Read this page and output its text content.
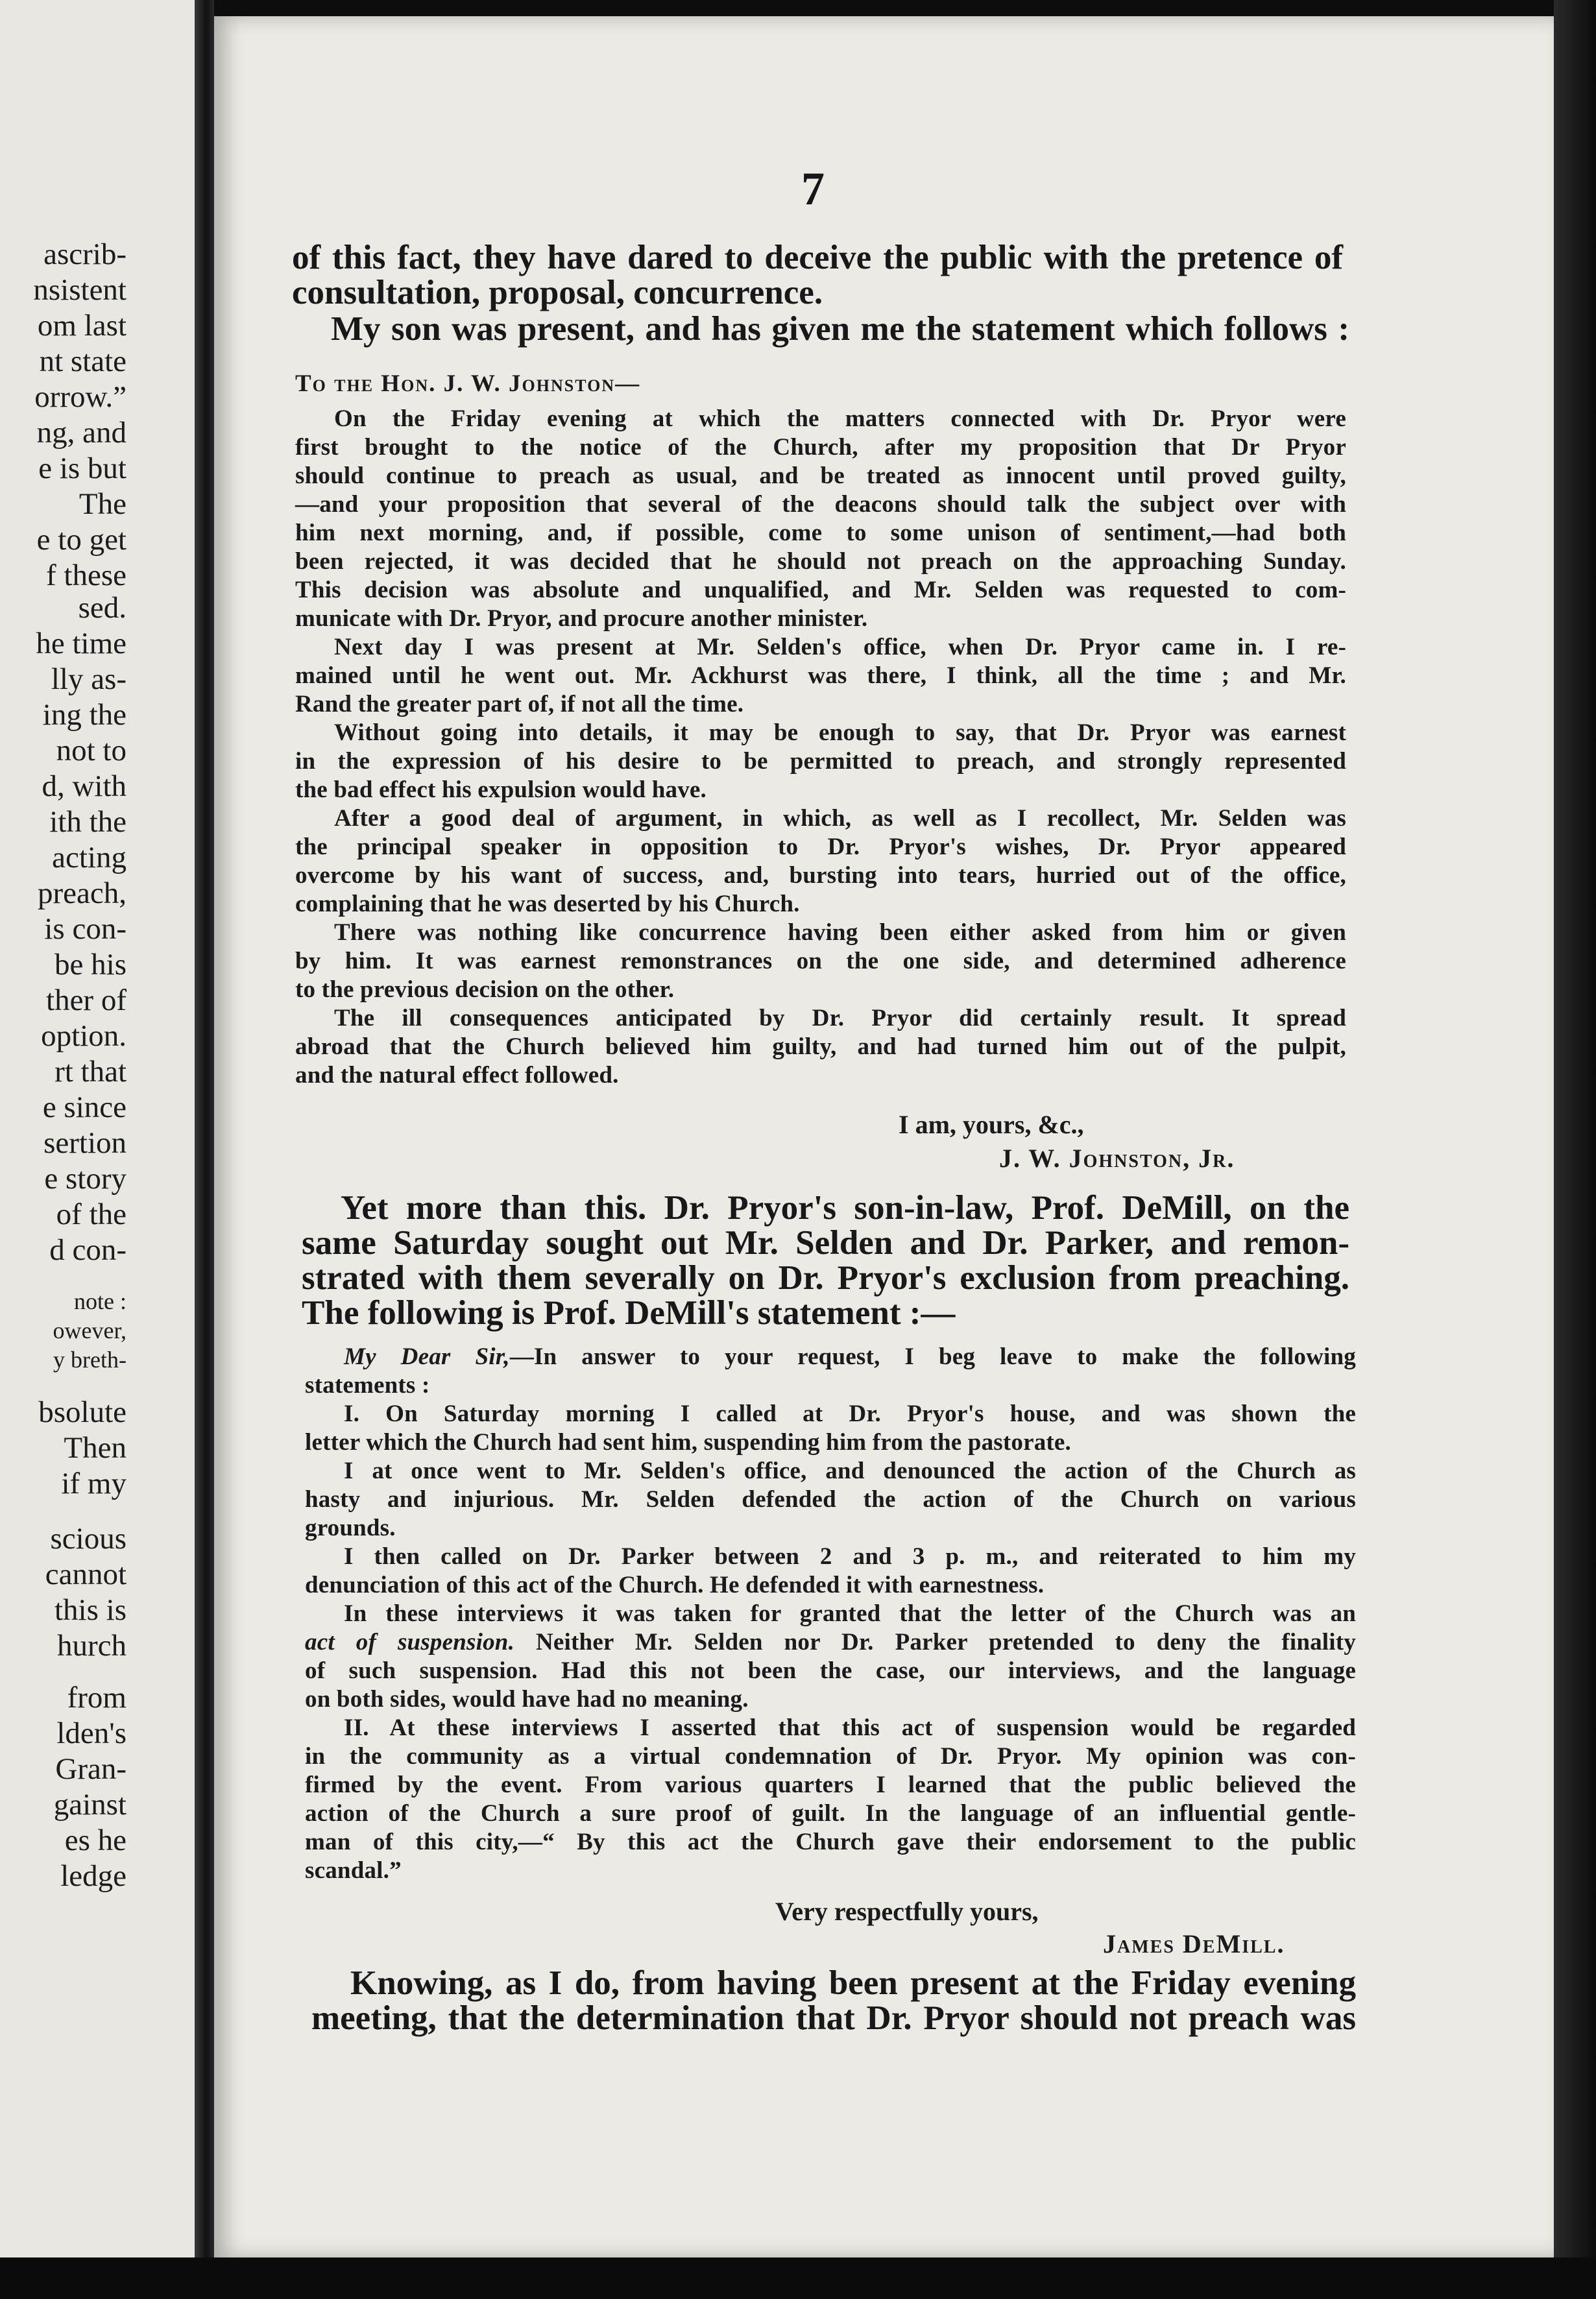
ascrib-
nsistent
om last
nt state
orrow.”
ng, and
e is but
The
e to get
f these
sed.
he time
lly as-
ing the
not to
d, with
ith the
acting
preach,
is con-
be his
ther of
option.
rt that
e since
sertion
e story
of the
d con-
note :
owever,
y breth-
bsolute
Then
if my
scious
cannot
this is
hurch
from
lden's
Gran-
gainst
es he
ledge
7
of this fact, they have dared to deceive the public with the pretence of
consultation, proposal, concurrence.
My son was present, and has given me the statement which follows :
To the Hon. J. W. Johnston—
On the Friday evening at which the matters connected with Dr. Pryor were
first brought to the notice of the Church, after my proposition that Dr Pryor
should continue to preach as usual, and be treated as innocent until proved guilty,
—and your proposition that several of the deacons should talk the subject over with
him next morning, and, if possible, come to some unison of sentiment,—had both
been rejected, it was decided that he should not preach on the approaching Sunday.
This decision was absolute and unqualified, and Mr. Selden was requested to com-
municate with Dr. Pryor, and procure another minister.
Next day I was present at Mr. Selden's office, when Dr. Pryor came in. I re-
mained until he went out. Mr. Ackhurst was there, I think, all the time ; and Mr.
Rand the greater part of, if not all the time.
Without going into details, it may be enough to say, that Dr. Pryor was earnest
in the expression of his desire to be permitted to preach, and strongly represented
the bad effect his expulsion would have.
After a good deal of argument, in which, as well as I recollect, Mr. Selden was
the principal speaker in opposition to Dr. Pryor's wishes, Dr. Pryor appeared
overcome by his want of success, and, bursting into tears, hurried out of the office,
complaining that he was deserted by his Church.
There was nothing like concurrence having been either asked from him or given
by him. It was earnest remonstrances on the one side, and determined adherence
to the previous decision on the other.
The ill consequences anticipated by Dr. Pryor did certainly result. It spread
abroad that the Church believed him guilty, and had turned him out of the pulpit,
and the natural effect followed.
I am, yours, &c.,
J. W. Johnston, Jr.
Yet more than this. Dr. Pryor's son-in-law, Prof. DeMill, on the
same Saturday sought out Mr. Selden and Dr. Parker, and remon-
strated with them severally on Dr. Pryor's exclusion from preaching.
The following is Prof. DeMill's statement :—
My Dear Sir,—In answer to your request, I beg leave to make the following
statements :
I. On Saturday morning I called at Dr. Pryor's house, and was shown the
letter which the Church had sent him, suspending him from the pastorate.
I at once went to Mr. Selden's office, and denounced the action of the Church as
hasty and injurious. Mr. Selden defended the action of the Church on various
grounds.
I then called on Dr. Parker between 2 and 3 p. m., and reiterated to him my
denunciation of this act of the Church. He defended it with earnestness.
In these interviews it was taken for granted that the letter of the Church was an
act of suspension. Neither Mr. Selden nor Dr. Parker pretended to deny the finality
of such suspension. Had this not been the case, our interviews, and the language
on both sides, would have had no meaning.
II. At these interviews I asserted that this act of suspension would be regarded
in the community as a virtual condemnation of Dr. Pryor. My opinion was con-
firmed by the event. From various quarters I learned that the public believed the
action of the Church a sure proof of guilt. In the language of an influential gentle-
man of this city,—“ By this act the Church gave their endorsement to the public
scandal.”
Very respectfully yours,
James DeMill.
Knowing, as I do, from having been present at the Friday evening
meeting, that the determination that Dr. Pryor should not preach was
